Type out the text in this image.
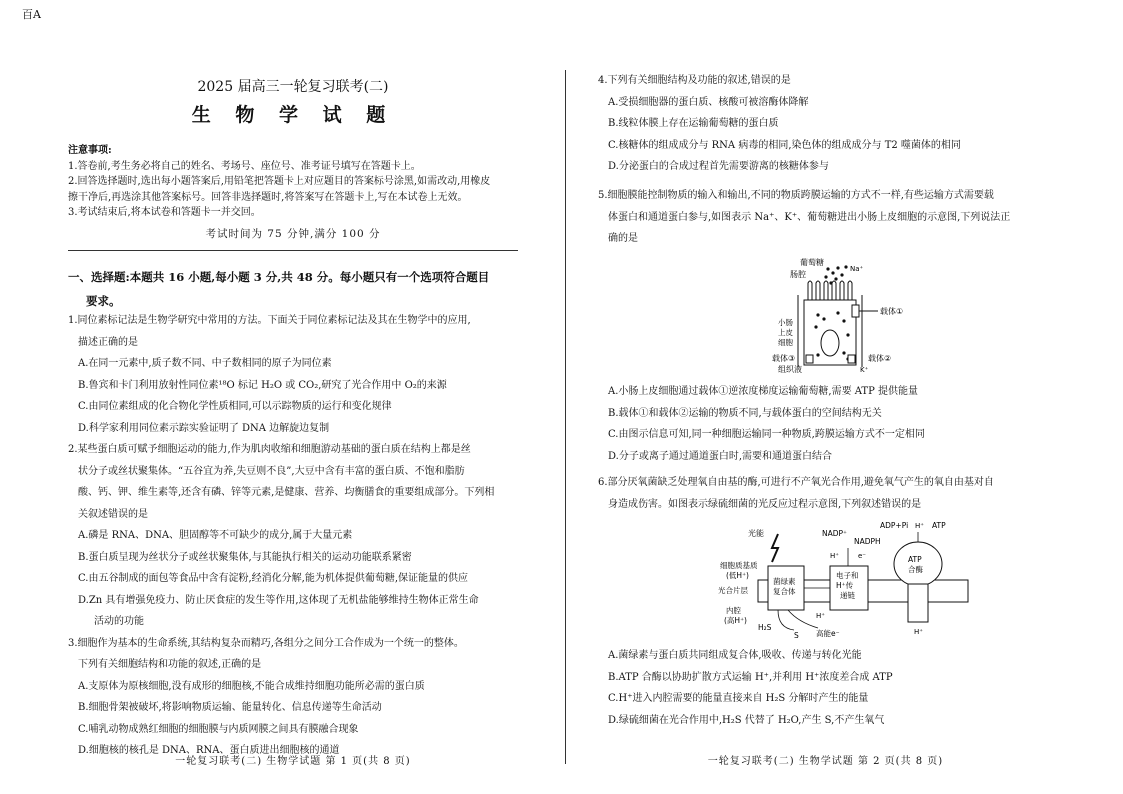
百A
2025 届高三一轮复习联考(二)
生 物 学 试 题
注意事项:
1.答卷前,考生务必将自己的姓名、考场号、座位号、准考证号填写在答题卡上。
2.回答选择题时,选出每小题答案后,用铅笔把答题卡上对应题目的答案标号涂黑,如需改动,用橡皮
擦干净后,再选涂其他答案标号。回答非选择题时,将答案写在答题卡上,写在本试卷上无效。
3.考试结束后,将本试卷和答题卡一并交回。
考试时间为 75 分钟,满分 100 分
一、选择题:本题共 16 小题,每小题 3 分,共 48 分。每小题只有一个选项符合题目
要求。

1.同位素标记法是生物学研究中常用的方法。下面关于同位素标记法及其在生物学中的应用,

描述正确的是

A.在同一元素中,质子数不同、中子数相同的原子为同位素

B.鲁宾和卡门利用放射性同位素¹⁸O 标记 H₂O 或 CO₂,研究了光合作用中 O₂的来源

C.由同位素组成的化合物化学性质相同,可以示踪物质的运行和变化规律

D.科学家利用同位素示踪实验证明了 DNA 边解旋边复制

2.某些蛋白质可赋予细胞运动的能力,作为肌肉收缩和细胞游动基础的蛋白质在结构上都是丝

状分子或丝状聚集体。“五谷宜为养,失豆则不良”,大豆中含有丰富的蛋白质、不饱和脂肪

酸、钙、钾、维生素等,还含有磷、锌等元素,是健康、营养、均衡膳食的重要组成部分。下列相

关叙述错误的是

A.磷是 RNA、DNA、胆固醇等不可缺少的成分,属于大量元素

B.蛋白质呈现为丝状分子或丝状聚集体,与其能执行相关的运动功能联系紧密

C.由五谷制成的面包等食品中含有淀粉,经消化分解,能为机体提供葡萄糖,保证能量的供应

D.Zn 具有增强免疫力、防止厌食症的发生等作用,这体现了无机盐能够维持生物体正常生命

活动的功能

3.细胞作为基本的生命系统,其结构复杂而精巧,各组分之间分工合作成为一个统一的整体。

下列有关细胞结构和功能的叙述,正确的是

A.支原体为原核细胞,没有成形的细胞核,不能合成维持细胞功能所必需的蛋白质

B.细胞骨架被破坏,将影响物质运输、能量转化、信息传递等生命活动

C.哺乳动物成熟红细胞的细胞膜与内质网膜之间具有膜融合现象

D.细胞核的核孔是 DNA、RNA、蛋白质进出细胞核的通道

一轮复习联考(二) 生物学试题 第 1 页(共 8 页)

4.下列有关细胞结构及功能的叙述,错误的是

A.受损细胞器的蛋白质、核酸可被溶酶体降解

B.线粒体膜上存在运输葡萄糖的蛋白质

C.核糖体的组成成分与 RNA 病毒的相同,染色体的组成成分与 T2 噬菌体的相同

D.分泌蛋白的合成过程首先需要游离的核糖体参与

5.细胞膜能控制物质的输入和输出,不同的物质跨膜运输的方式不一样,有些运输方式需要载

体蛋白和通道蛋白参与,如图表示 Na⁺、K⁺、葡萄糖进出小肠上皮细胞的示意图,下列说法正

确的是

葡萄糖
Na⁺
肠腔
载体①
小肠
上皮
细胞
载体③	载体②
组织液	K⁺

A.小肠上皮细胞通过载体①逆浓度梯度运输葡萄糖,需要 ATP 提供能量

B.载体①和载体②运输的物质不同,与载体蛋白的空间结构无关

C.由图示信息可知,同一种细胞运输同一种物质,跨膜运输方式不一定相同

D.分子或离子通过通道蛋白时,需要和通道蛋白结合

6.部分厌氧菌缺乏处理氧自由基的酶,可进行不产氧光合作用,避免氧气产生的氧自由基对自

身造成伤害。如图表示绿硫细菌的光反应过程示意图,下列叙述错误的是

光能
细胞质基质
(低H⁺)
光合片层
内腔
(高H⁺)
菌绿素
复合体
电子和
H⁺传
递链
ATP
合酶
NADP⁺
NADPH
H⁺	e⁻
ADP+Pi H⁺ ATP
H⁺
H⁺
H₂S
S 高能e⁻

A.菌绿素与蛋白质共同组成复合体,吸收、传递与转化光能

B.ATP 合酶以协助扩散方式运输 H⁺,并利用 H⁺浓度差合成 ATP

C.H⁺进入内腔需要的能量直接来自 H₂S 分解时产生的能量

D.绿硫细菌在光合作用中,H₂S 代替了 H₂O,产生 S,不产生氧气

一轮复习联考(二) 生物学试题 第 2 页(共 8 页)
